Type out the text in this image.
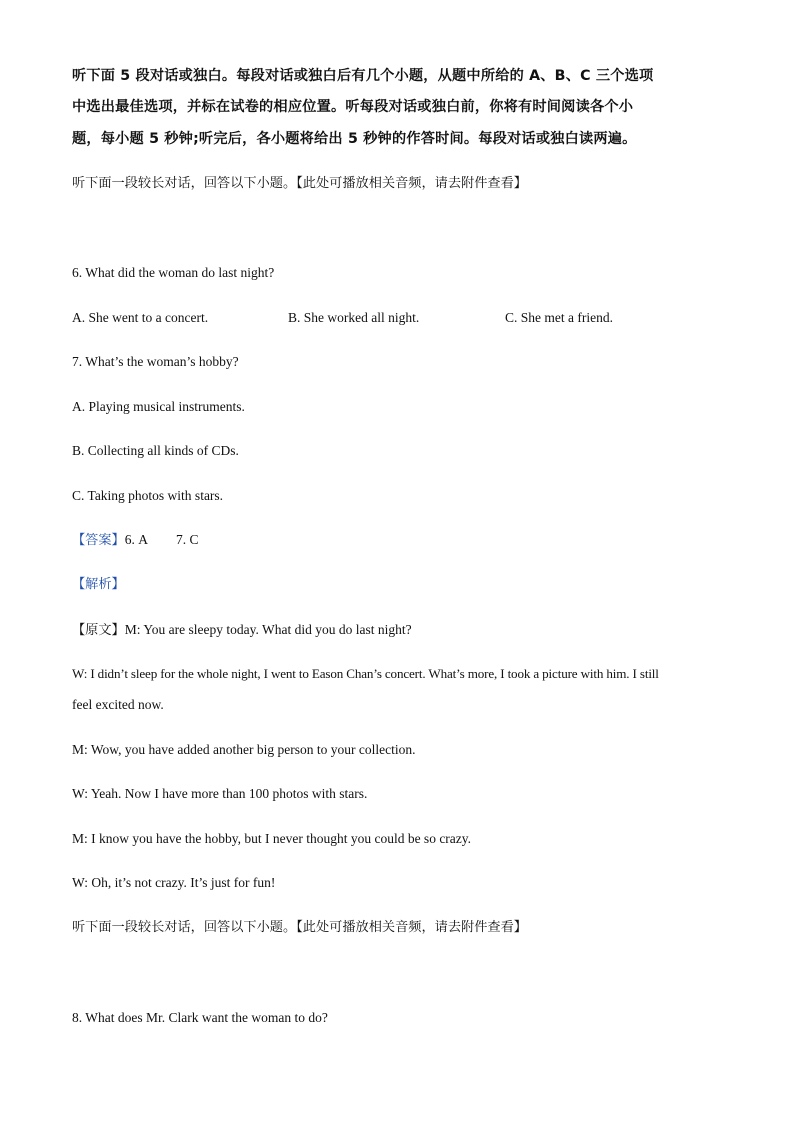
听下面 5 段对话或独白。每段对话或独白后有几个小题，从题中所给的 A、B、C 三个选项
中选出最佳选项，并标在试卷的相应位置。听每段对话或独白前，你将有时间阅读各个小
题，每小题 5 秒钟;听完后，各小题将给出 5 秒钟的作答时间。每段对话或独白读两遍。
听下面一段较长对话，回答以下小题。【此处可播放相关音频，请去附件查看】
6. What did the woman do last night?
A. She went to a concert.	B. She worked all night.	C. She met a friend.
7. What’s the woman’s hobby?
A. Playing musical instruments.
B. Collecting all kinds of CDs.
C. Taking photos with stars.
【答案】6. A 7. C
【解析】
【原文】M: You are sleepy today. What did you do last night?
W: I didn’t sleep for the whole night, I went to Eason Chan’s concert. What’s more, I took a picture with him. I still
feel excited now.
M: Wow, you have added another big person to your collection.
W: Yeah. Now I have more than 100 photos with stars.
M: I know you have the hobby, but I never thought you could be so crazy.
W: Oh, it’s not crazy. It’s just for fun!
听下面一段较长对话，回答以下小题。【此处可播放相关音频，请去附件查看】
8. What does Mr. Clark want the woman to do?
